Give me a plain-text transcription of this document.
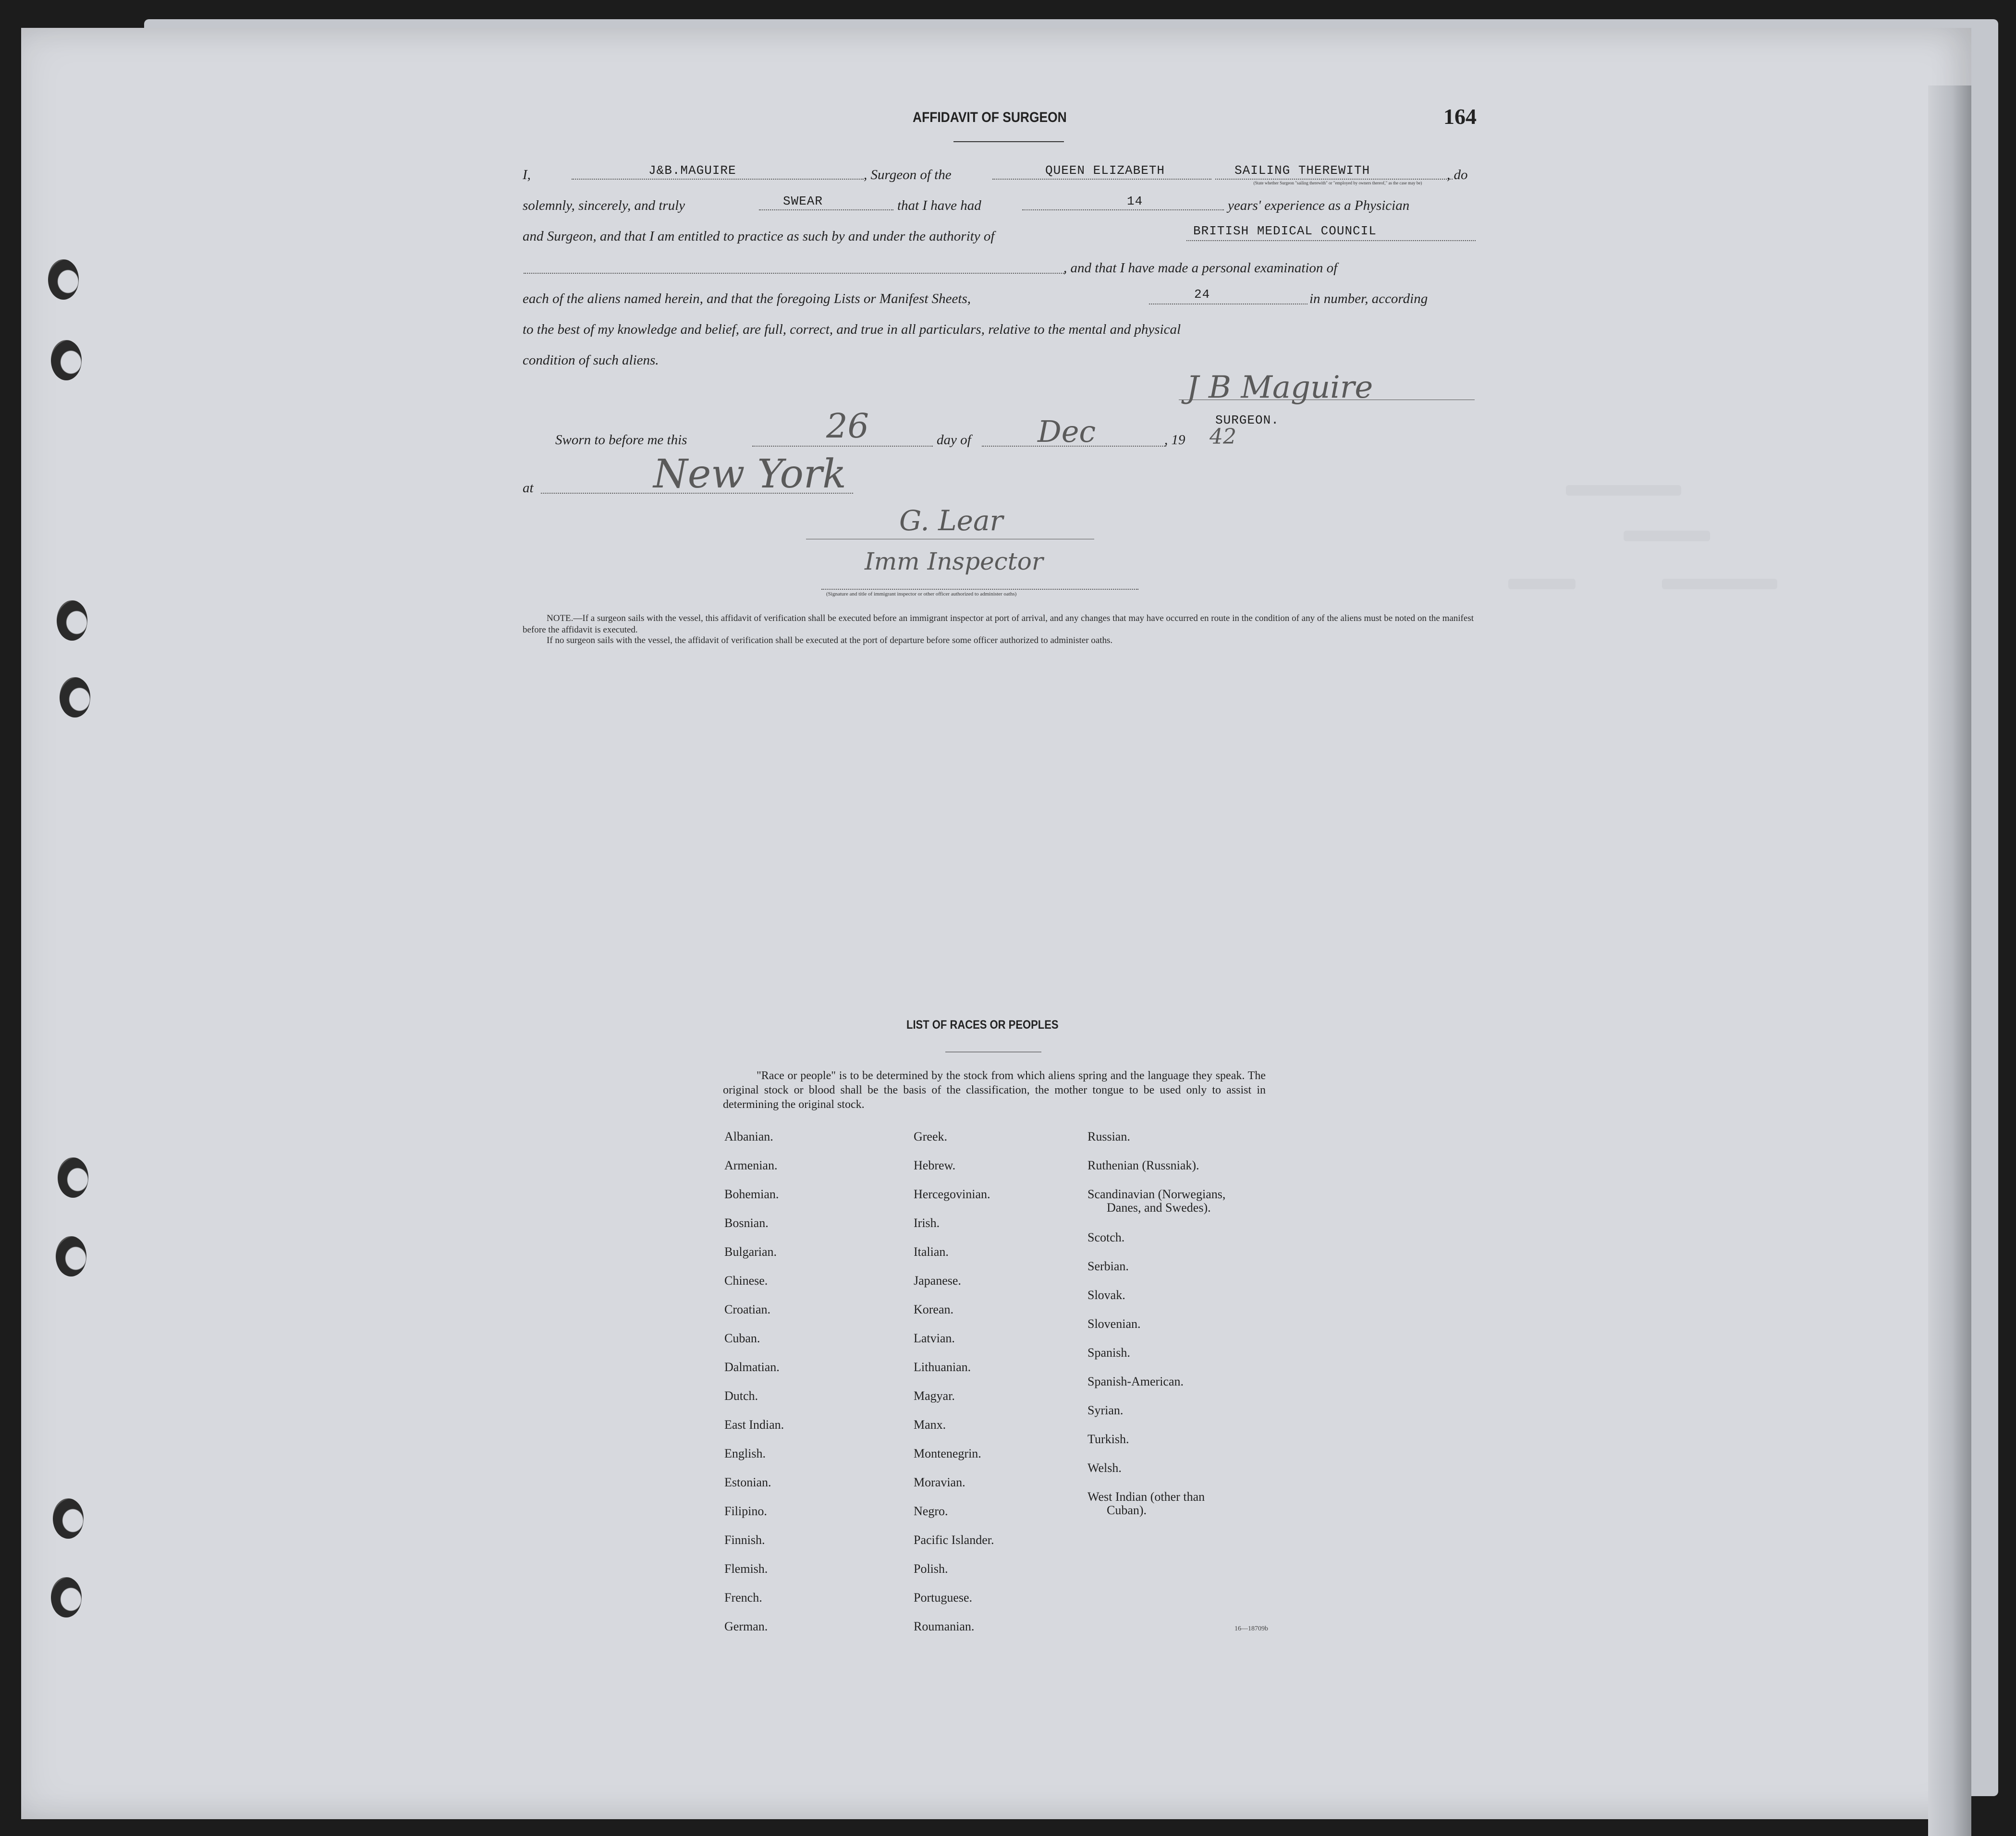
AFFIDAVIT OF SURGEON	164
I,	J&B.MAGUIRE	, Surgeon of the	QUEEN ELIZABETH	SAILING THEREWITH	, do
(State whether Surgeon "sailing therewith" or "employed by owners thereof," as the case may be)
solemnly, sincerely, and truly	SWEAR	that I have had	14	years' experience as a Physician
and Surgeon, and that I am entitled to practice as such by and under the authority of	BRITISH MEDICAL COUNCIL
, and that I have made a personal examination of
each of the aliens named herein, and that the foregoing Lists or Manifest Sheets,	24	in number, according
to the best of my knowledge and belief, are full, correct, and true in all particulars, relative to the mental and physical
condition of such aliens.
J B Maguire
SURGEON.
Sworn to before me this	26	day of Dec	, 19 42
at	New York
G. Lear
Imm Inspector
(Signature and title of immigrant inspector or other officer authorized to administer oaths)
NOTE.—If a surgeon sails with the vessel, this affidavit of verification shall be executed before an immigrant inspector at port of arrival, and any changes that may have occurred en route in the condition of any of the aliens must be noted on the manifest before the affidavit is executed.
If no surgeon sails with the vessel, the affidavit of verification shall be executed at the port of departure before some officer authorized to administer oaths.
LIST OF RACES OR PEOPLES
"Race or people" is to be determined by the stock from which aliens spring and the language they speak. The original stock or blood shall be the basis of the classification, the mother tongue to be used only to assist in determining the original stock.
Albanian.
Armenian.
Bohemian.
Bosnian.
Bulgarian.
Chinese.
Croatian.
Cuban.
Dalmatian.
Dutch.
East Indian.
English.
Estonian.
Filipino.
Finnish.
Flemish.
French.
German.
Greek.
Hebrew.
Hercegovinian.
Irish.
Italian.
Japanese.
Korean.
Latvian.
Lithuanian.
Magyar.
Manx.
Montenegrin.
Moravian.
Negro.
Pacific Islander.
Polish.
Portuguese.
Roumanian.
Russian.
Ruthenian (Russniak).
Scandinavian (Norwegians,
Danes, and Swedes).
Scotch.
Serbian.
Slovak.
Slovenian.
Spanish.
Spanish-American.
Syrian.
Turkish.
Welsh.
West Indian (other than
Cuban).
16—18709b
